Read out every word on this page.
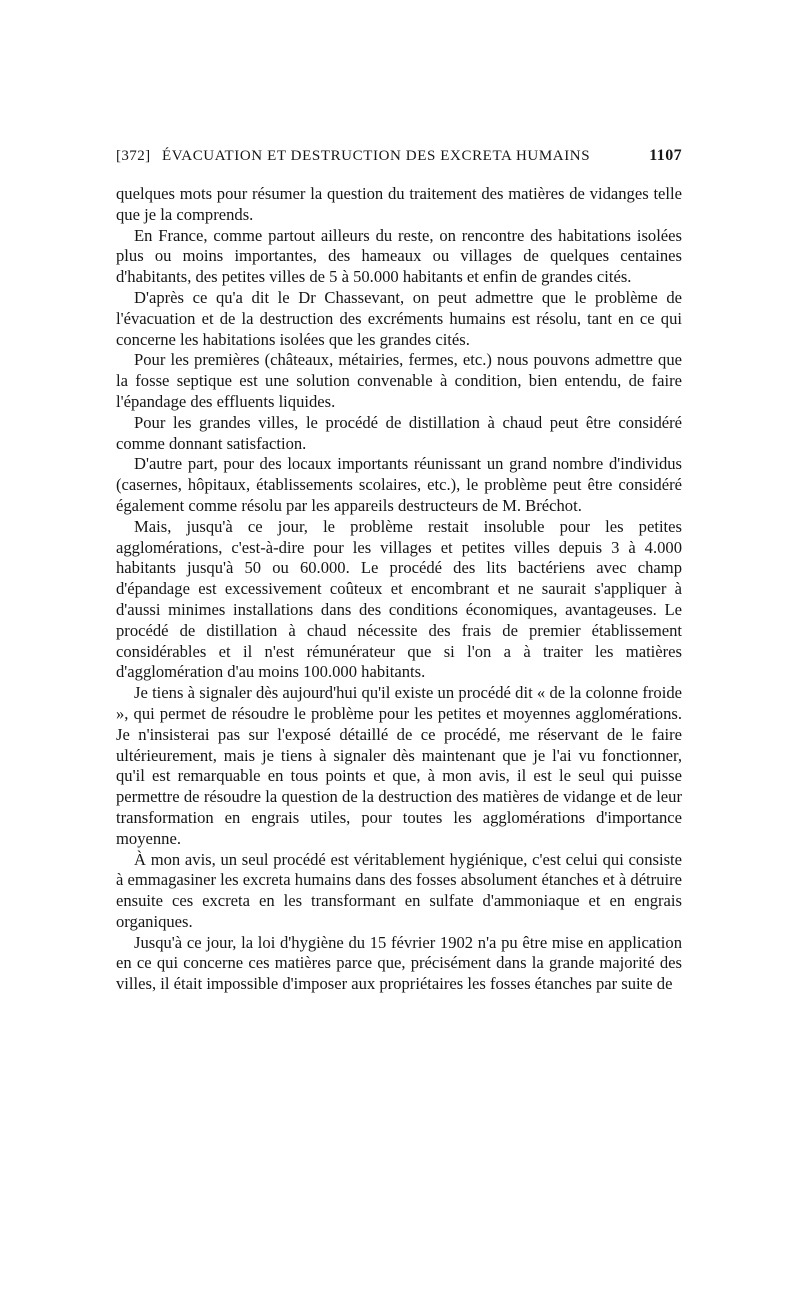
[372] ÉVACUATION ET DESTRUCTION DES EXCRETA HUMAINS	1107

quelques mots pour résumer la question du traitement des matières de vidanges telle que je la comprends.

En France, comme partout ailleurs du reste, on rencontre des habitations isolées plus ou moins importantes, des hameaux ou villages de quelques centaines d'habitants, des petites villes de 5 à 50.000 habitants et enfin de grandes cités.

D'après ce qu'a dit le Dr Chassevant, on peut admettre que le problème de l'évacuation et de la destruction des excréments humains est résolu, tant en ce qui concerne les habitations isolées que les grandes cités.

Pour les premières (châteaux, métairies, fermes, etc.) nous pouvons admettre que la fosse septique est une solution convenable à condition, bien entendu, de faire l'épandage des effluents liquides.

Pour les grandes villes, le procédé de distillation à chaud peut être considéré comme donnant satisfaction.

D'autre part, pour des locaux importants réunissant un grand nombre d'individus (casernes, hôpitaux, établissements scolaires, etc.), le problème peut être considéré également comme résolu par les appareils destructeurs de M. Bréchot.

Mais, jusqu'à ce jour, le problème restait insoluble pour les petites agglomérations, c'est-à-dire pour les villages et petites villes depuis 3 à 4.000 habitants jusqu'à 50 ou 60.000. Le procédé des lits bactériens avec champ d'épandage est excessivement coûteux et encombrant et ne saurait s'appliquer à d'aussi minimes installations dans des conditions économiques, avantageuses. Le procédé de distillation à chaud nécessite des frais de premier établissement considérables et il n'est rémunérateur que si l'on a à traiter les matières d'agglomération d'au moins 100.000 habitants.

Je tiens à signaler dès aujourd'hui qu'il existe un procédé dit « de la colonne froide », qui permet de résoudre le problème pour les petites et moyennes agglomérations. Je n'insisterai pas sur l'exposé détaillé de ce procédé, me réservant de le faire ultérieurement, mais je tiens à signaler dès maintenant que je l'ai vu fonctionner, qu'il est remarquable en tous points et que, à mon avis, il est le seul qui puisse permettre de résoudre la question de la destruction des matières de vidange et de leur transformation en engrais utiles, pour toutes les agglomérations d'importance moyenne.

À mon avis, un seul procédé est véritablement hygiénique, c'est celui qui consiste à emmagasiner les excreta humains dans des fosses absolument étanches et à détruire ensuite ces excreta en les transformant en sulfate d'ammoniaque et en engrais organiques.

Jusqu'à ce jour, la loi d'hygiène du 15 février 1902 n'a pu être mise en application en ce qui concerne ces matières parce que, précisément dans la grande majorité des villes, il était impossible d'imposer aux propriétaires les fosses étanches par suite de
